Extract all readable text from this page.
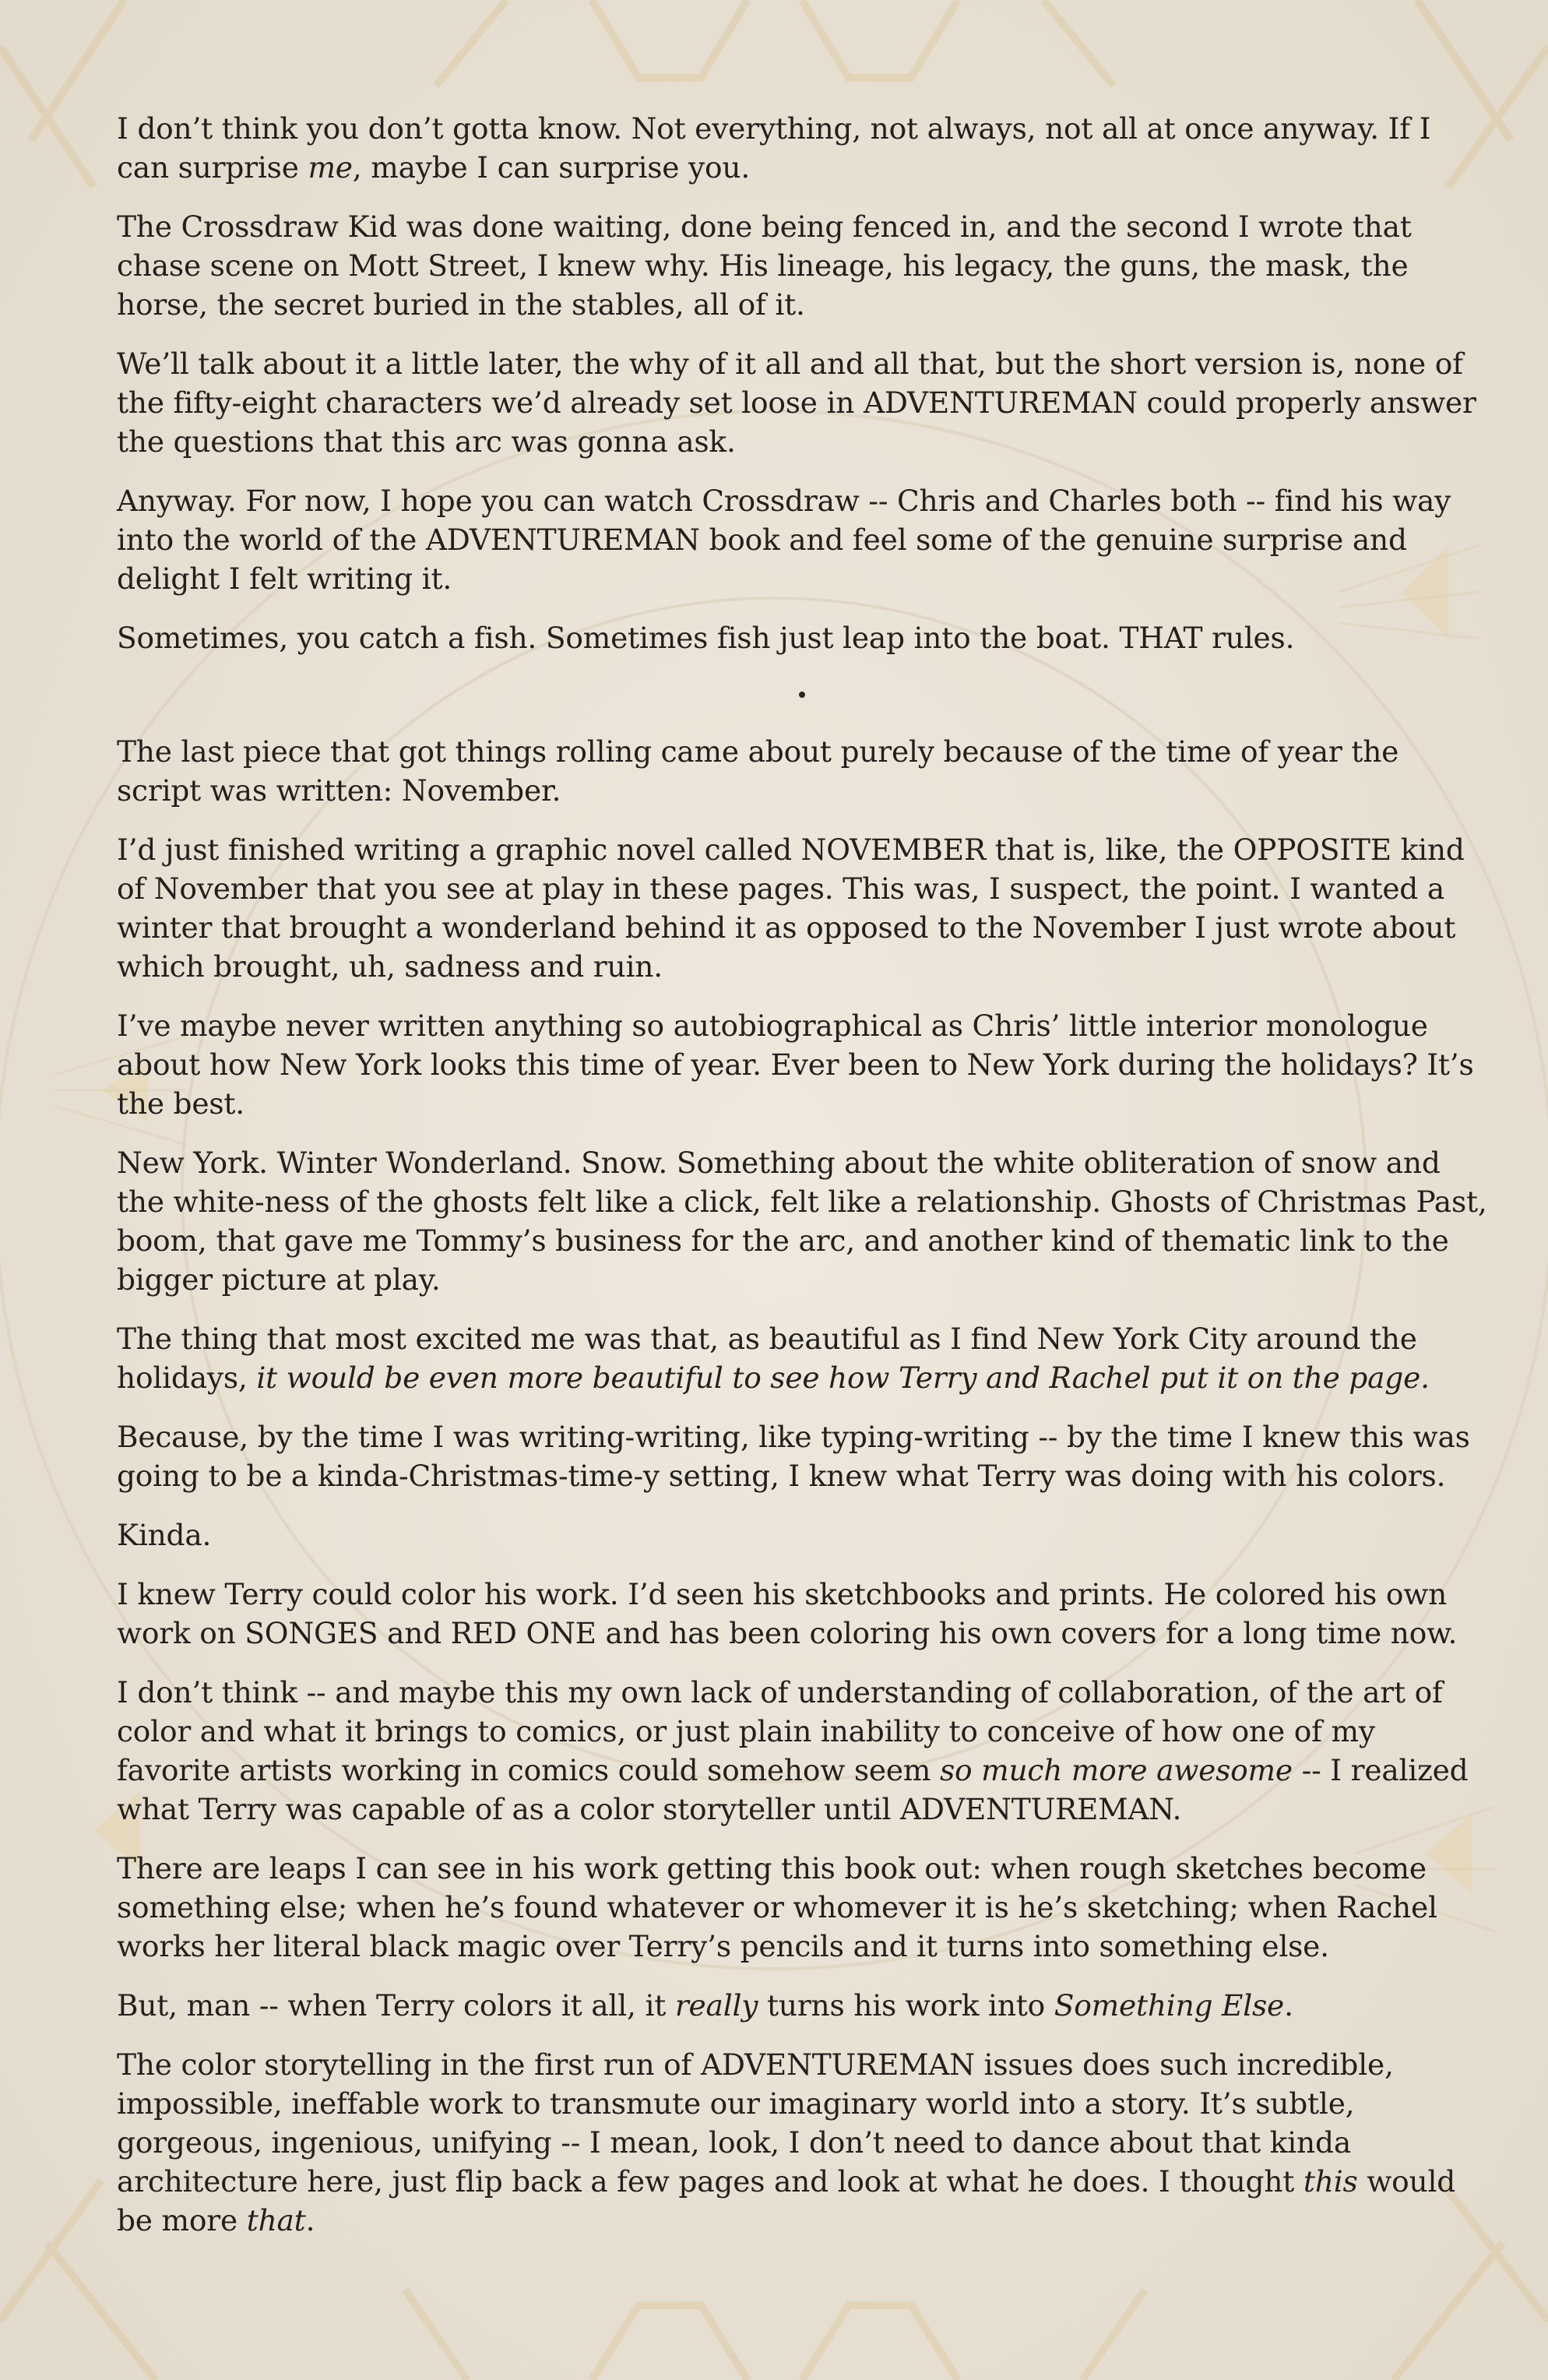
I don’t think you don’t gotta know. Not everything, not always, not all at once anyway. If I can surprise me, maybe I can surprise you.

The Crossdraw Kid was done waiting, done being fenced in, and the second I wrote that chase scene on Mott Street, I knew why. His lineage, his legacy, the guns, the mask, the horse, the secret buried in the stables, all of it.

We’ll talk about it a little later, the why of it all and all that, but the short version is, none of the fifty-eight characters we’d already set loose in ADVENTUREMAN could properly answer the questions that this arc was gonna ask.

Anyway. For now, I hope you can watch Crossdraw -- Chris and Charles both -- find his way into the world of the ADVENTUREMAN book and feel some of the genuine surprise and delight I felt writing it.

Sometimes, you catch a fish. Sometimes fish just leap into the boat. THAT rules.

The last piece that got things rolling came about purely because of the time of year the script was written: November.

I’d just finished writing a graphic novel called NOVEMBER that is, like, the OPPOSITE kind of November that you see at play in these pages. This was, I suspect, the point. I wanted a winter that brought a wonderland behind it as opposed to the November I just wrote about which brought, uh, sadness and ruin.

I’ve maybe never written anything so autobiographical as Chris’ little interior monologue about how New York looks this time of year. Ever been to New York during the holidays? It’s the best.

New York. Winter Wonderland. Snow. Something about the white obliteration of snow and the white-ness of the ghosts felt like a click, felt like a relationship. Ghosts of Christmas Past, boom, that gave me Tommy’s business for the arc, and another kind of thematic link to the bigger picture at play.

The thing that most excited me was that, as beautiful as I find New York City around the holidays, it would be even more beautiful to see how Terry and Rachel put it on the page.

Because, by the time I was writing-writing, like typing-writing -- by the time I knew this was going to be a kinda-Christmas-time-y setting, I knew what Terry was doing with his colors.

Kinda.

I knew Terry could color his work. I’d seen his sketchbooks and prints. He colored his own work on SONGES and RED ONE and has been coloring his own covers for a long time now.

I don’t think -- and maybe this my own lack of understanding of collaboration, of the art of color and what it brings to comics, or just plain inability to conceive of how one of my favorite artists working in comics could somehow seem so much more awesome -- I realized what Terry was capable of as a color storyteller until ADVENTUREMAN.

There are leaps I can see in his work getting this book out: when rough sketches become something else; when he’s found whatever or whomever it is he’s sketching; when Rachel works her literal black magic over Terry’s pencils and it turns into something else.

But, man -- when Terry colors it all, it really turns his work into Something Else.

The color storytelling in the first run of ADVENTUREMAN issues does such incredible, impossible, ineffable work to transmute our imaginary world into a story. It’s subtle, gorgeous, ingenious, unifying -- I mean, look, I don’t need to dance about that kinda architecture here, just flip back a few pages and look at what he does. I thought this would be more that.
